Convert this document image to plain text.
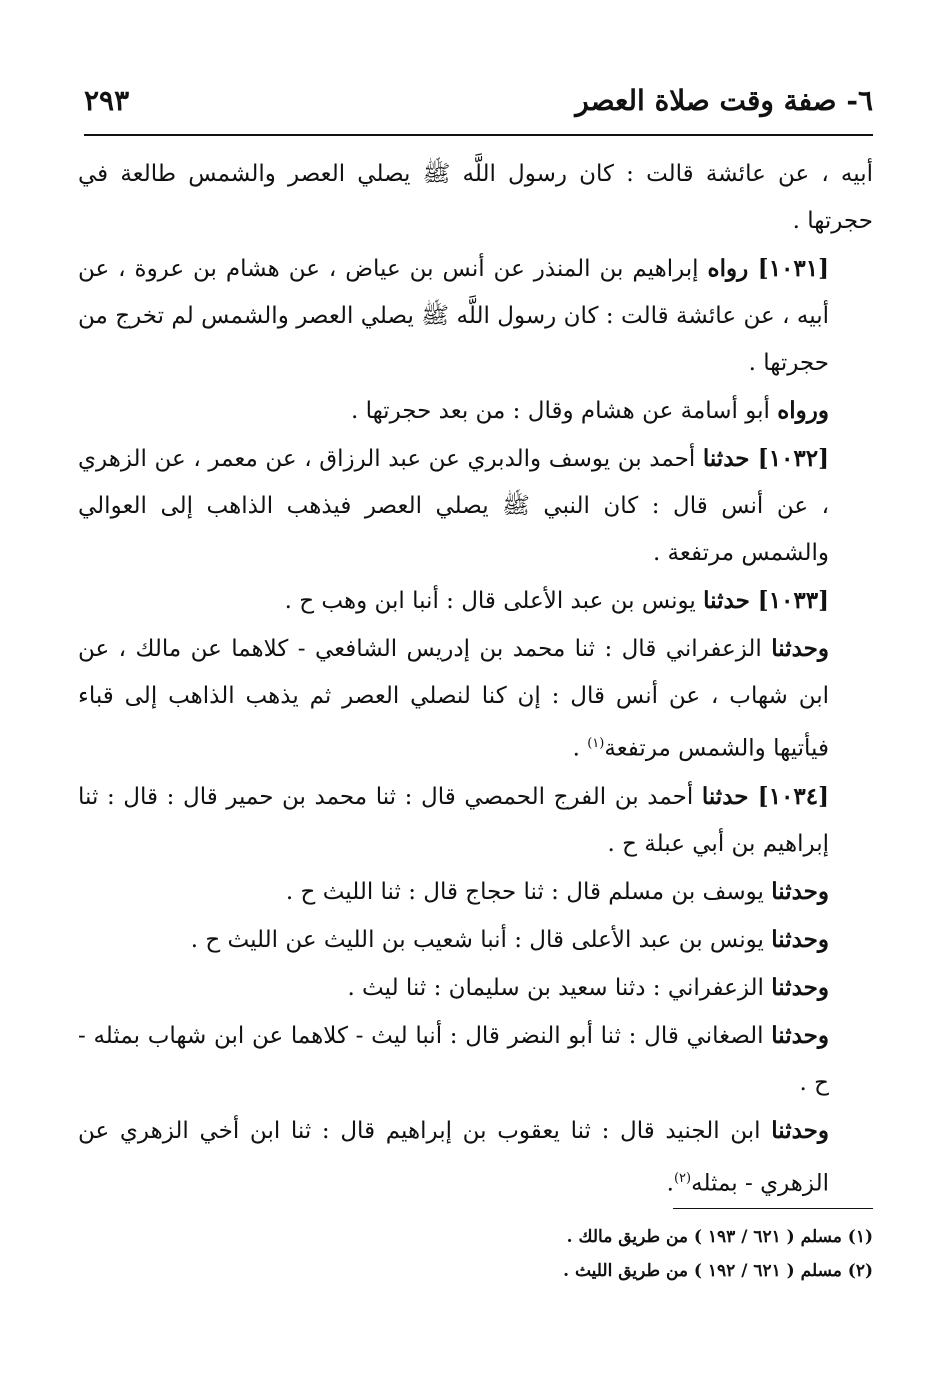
٦- صفة وقت صلاة العصر
٢٩٣

أبيه ، عن عائشة قالت : كان رسول اللَّه ﷺ يصلي العصر والشمس طالعة في حجرتها .

[١٠٣١] رواه إبراهيم بن المنذر عن أنس بن عياض ، عن هشام بن عروة ، عن أبيه ، عن عائشة قالت : كان رسول اللَّه ﷺ يصلي العصر والشمس لم تخرج من حجرتها .

ورواه أبو أسامة عن هشام وقال : من بعد حجرتها .

[١٠٣٢] حدثنا أحمد بن يوسف والدبري عن عبد الرزاق ، عن معمر ، عن الزهري ، عن أنس قال : كان النبي ﷺ يصلي العصر فيذهب الذاهب إلى العوالي والشمس مرتفعة .

[١٠٣٣] حدثنا يونس بن عبد الأعلى قال : أنبا ابن وهب ح .

وحدثنا الزعفراني قال : ثنا محمد بن إدريس الشافعي - كلاهما عن مالك ، عن ابن شهاب ، عن أنس قال : إن كنا لنصلي العصر ثم يذهب الذاهب إلى قباء فيأتيها والشمس مرتفعة$^{(١)}$ .

[١٠٣٤] حدثنا أحمد بن الفرج الحمصي قال : ثنا محمد بن حمير قال : قال : ثنا إبراهيم بن أبي عبلة ح .

وحدثنا يوسف بن مسلم قال : ثنا حجاج قال : ثنا الليث ح .

وحدثنا يونس بن عبد الأعلى قال : أنبا شعيب بن الليث عن الليث ح .

وحدثنا الزعفراني : دثنا سعيد بن سليمان : ثنا ليث .

وحدثنا الصغاني قال : ثنا أبو النضر قال : أنبا ليث - كلاهما عن ابن شهاب بمثله - ح .

وحدثنا ابن الجنيد قال : ثنا يعقوب بن إبراهيم قال : ثنا ابن أخي الزهري عن الزهري - بمثله$^{(٢)}$.

(١) مسلم ( ٦٢١ / ١٩٣ ) من طريق مالك .

(٢) مسلم ( ٦٢١ / ١٩٢ ) من طريق الليث .
